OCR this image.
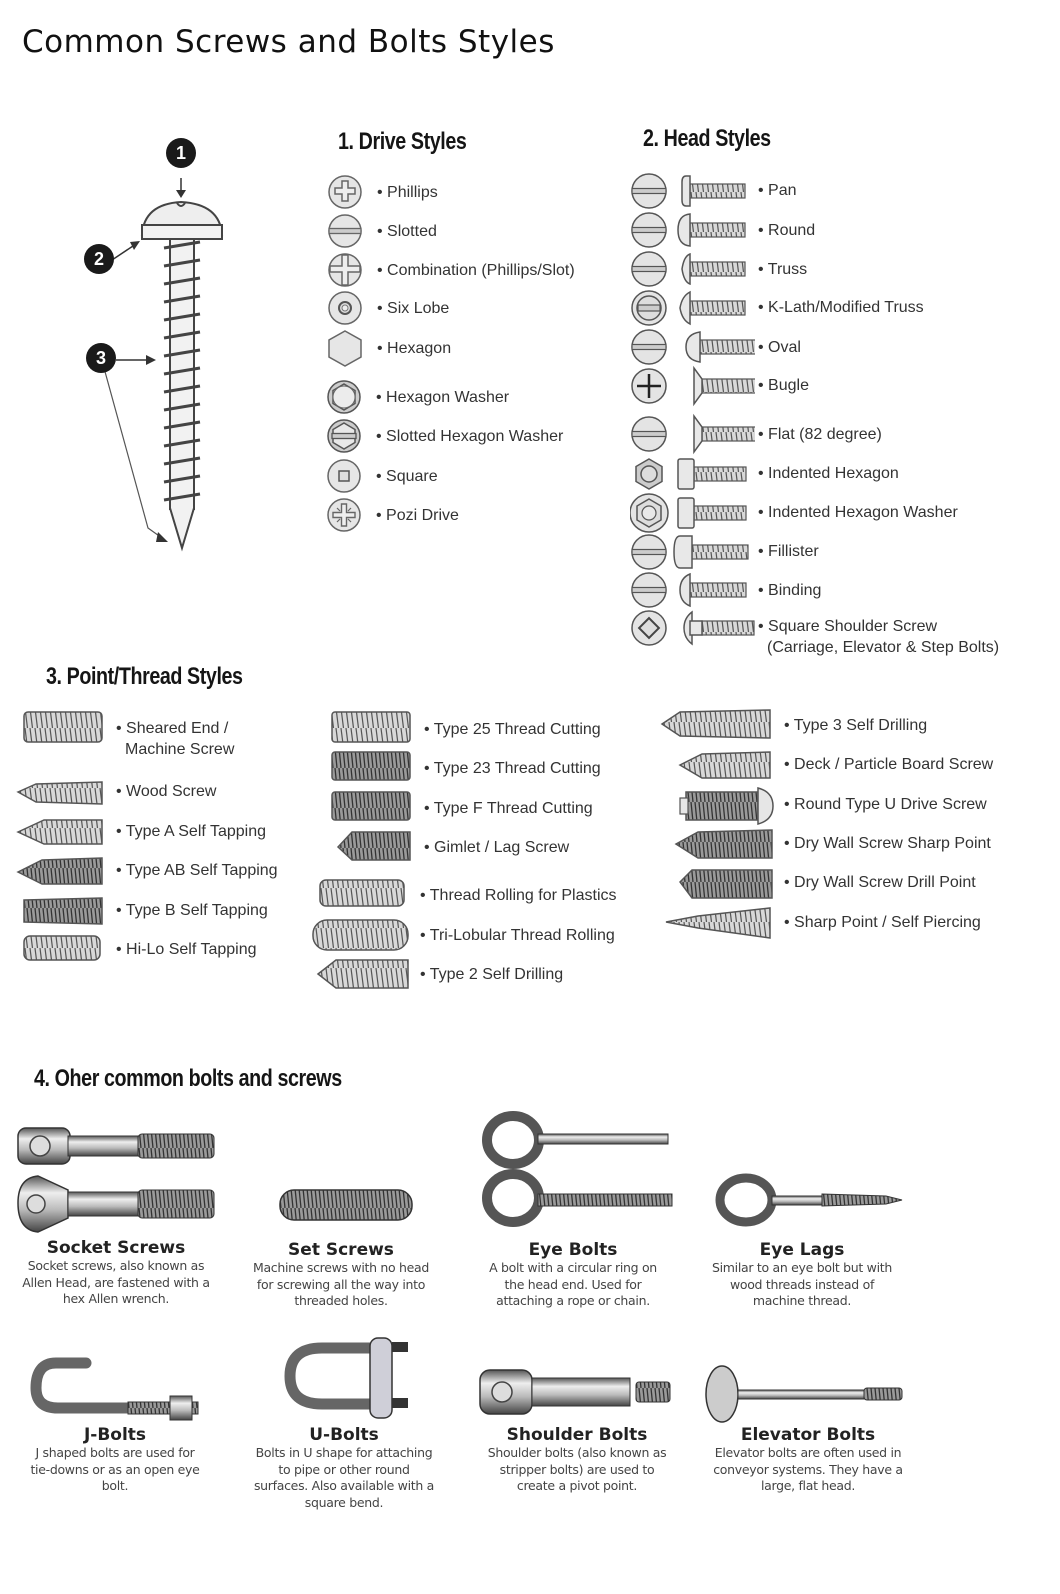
Common Screws and Bolts Styles
1
2
3
1. Drive Styles
• Phillips
• Slotted
• Combination (Phillips/Slot)
• Six Lobe
• Hexagon
• Hexagon Washer
• Slotted Hexagon Washer
• Square
• Pozi Drive
2. Head Styles
• Pan
• Round
• Truss
• K-Lath/Modified Truss
• Oval
• Bugle
• Flat (82 degree)
• Indented Hexagon
• Indented Hexagon Washer
• Fillister
• Binding
• Square Shoulder Screw
(Carriage, Elevator & Step Bolts)
3. Point/Thread Styles
• Sheared End /
Machine Screw
• Wood Screw
• Type A Self Tapping
• Type AB Self Tapping
• Type B Self Tapping
• Hi-Lo Self Tapping
• Type 25 Thread Cutting
• Type 23 Thread Cutting
• Type F Thread Cutting
• Gimlet / Lag Screw
• Thread Rolling for Plastics
• Tri-Lobular Thread Rolling
• Type 2 Self Drilling
• Type 3 Self Drilling
• Deck / Particle Board Screw
• Round Type U Drive Screw
• Dry Wall Screw Sharp Point
• Dry Wall Screw Drill Point
• Sharp Point / Self Piercing
4. Oher common bolts and screws
Socket Screws
Socket screws, also known as
Allen Head, are fastened with a
hex Allen wrench.
Set Screws
Machine screws with no head
for screwing all the way into
threaded holes.
Eye Bolts
A bolt with a circular ring on
the head end. Used for
attaching a rope or chain.
Eye Lags
Similar to an eye bolt but with
wood threads instead of
machine thread.
J-Bolts
J shaped bolts are used for
tie-downs or as an open eye
bolt.
U-Bolts
Bolts in U shape for attaching
to pipe or other round
surfaces. Also available with a
square bend.
Shoulder Bolts
Shoulder bolts (also known as
stripper bolts) are used to
create a pivot point.
Elevator Bolts
Elevator bolts are often used in
conveyor systems. They have a
large, flat head.
